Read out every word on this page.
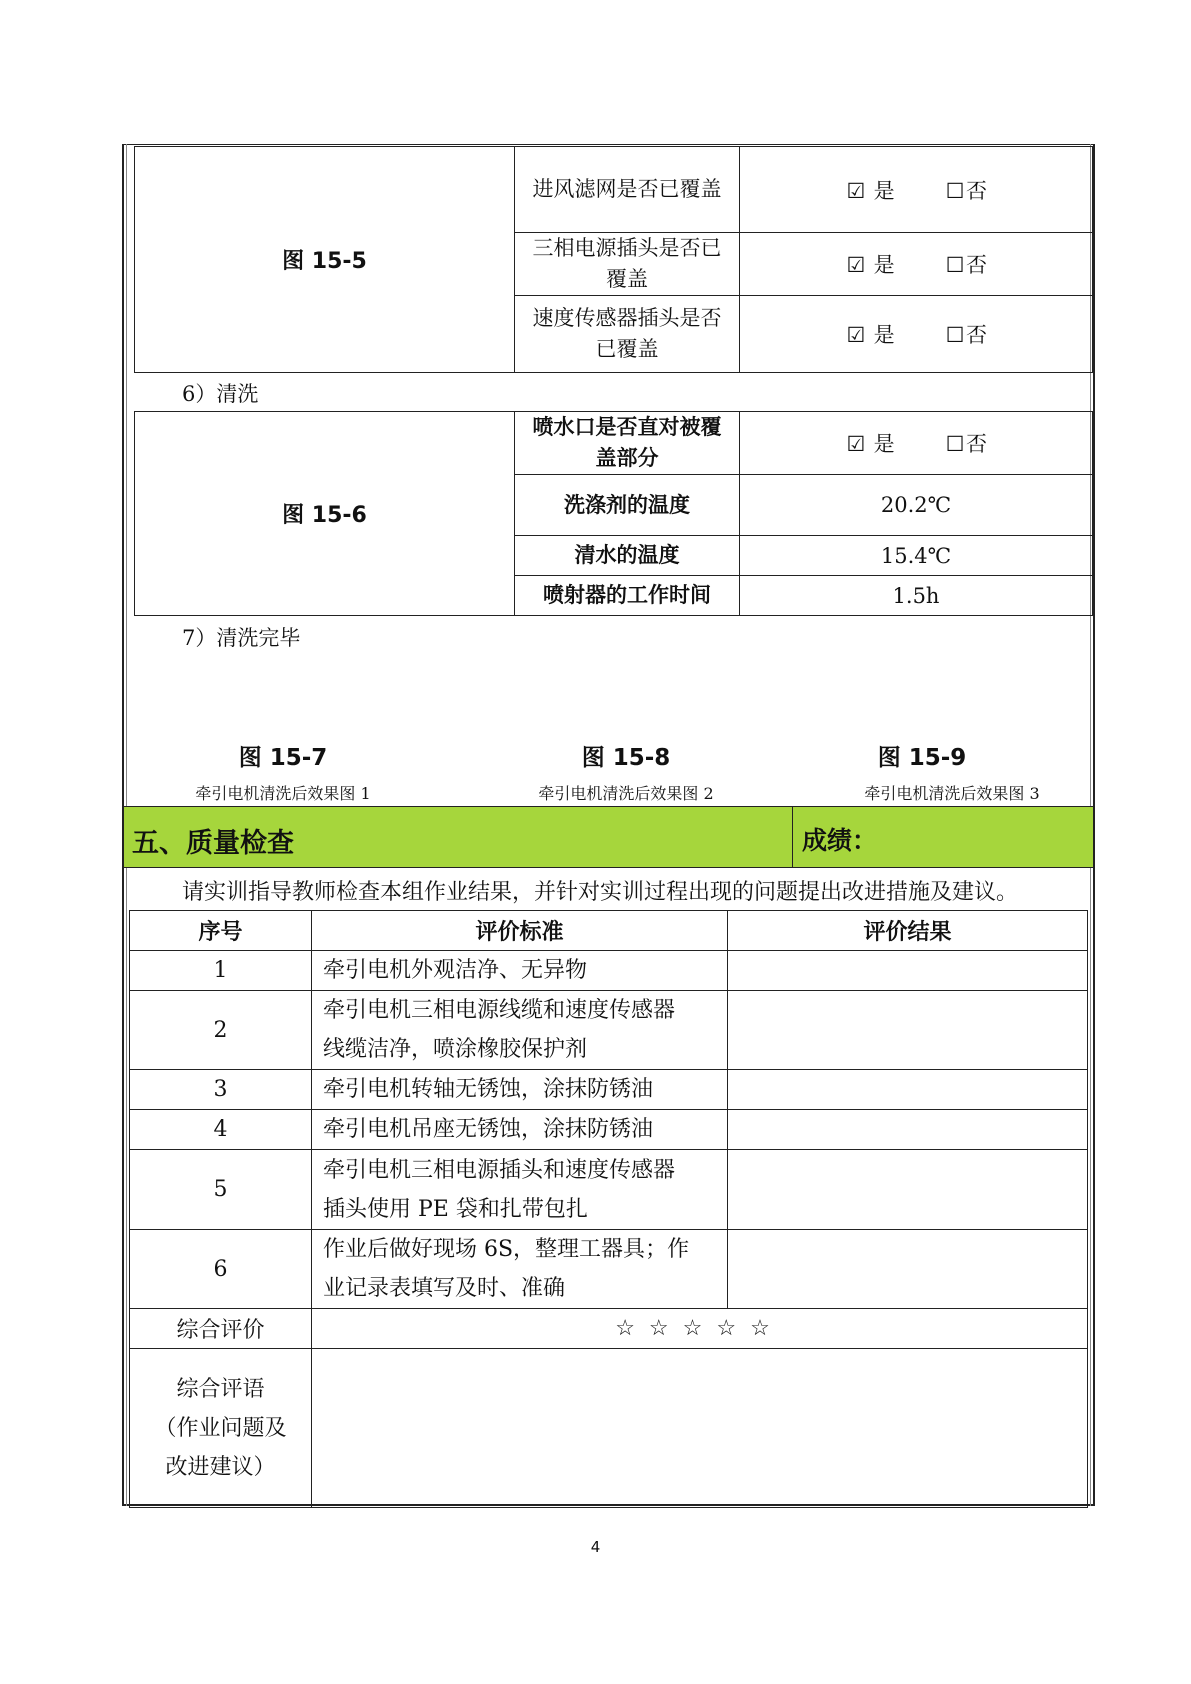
图 15-5	进风滤网是否已覆盖	☑ 是 ☐否
	三相电源插头是否已覆盖	☑ 是 ☐否
	速度传感器插头是否已覆盖	☑ 是 ☐否
6）清洗
图 15-6	喷水口是否直对被覆盖部分	☑ 是 ☐否
	洗涤剂的温度	20.2℃
	清水的温度	15.4℃
	喷射器的工作时间	1.5h
7）清洗完毕
图 15-7	图 15-8	图 15-9
牵引电机清洗后效果图 1	牵引电机清洗后效果图 2	牵引电机清洗后效果图 3
五、质量检查	成绩：
请实训指导教师检查本组作业结果，并针对实训过程出现的问题提出改进措施及建议。
序号	评价标准	评价结果
1	牵引电机外观洁净、无异物	
2	牵引电机三相电源线缆和速度传感器
线缆洁净，喷涂橡胶保护剂	
3	牵引电机转轴无锈蚀，涂抹防锈油	
4	牵引电机吊座无锈蚀，涂抹防锈油	
5	牵引电机三相电源插头和速度传感器
插头使用 PE 袋和扎带包扎	
6	作业后做好现场 6S，整理工器具；作
业记录表填写及时、准确	
综合评价	☆☆☆☆☆	
综合评语
（作业问题及
改进建议）		
4
